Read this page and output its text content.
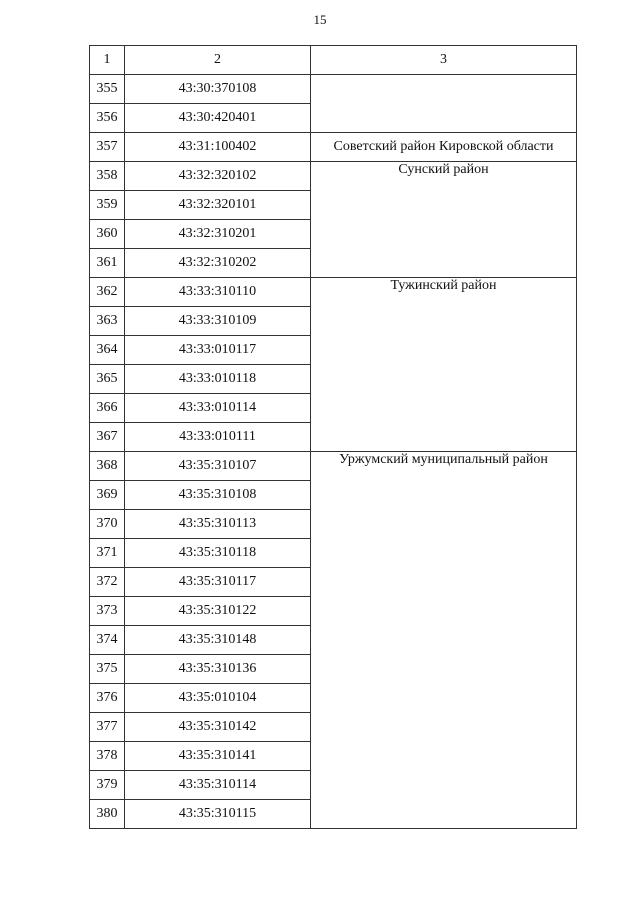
15
1	2	3
355	43:30:370108	
356	43:30:420401	
357	43:31:100402	Советский район Кировской области
358	43:32:320102	Сунский район
359	43:32:320101	
360	43:32:310201	
361	43:32:310202	
362	43:33:310110	Тужинский район
363	43:33:310109	
364	43:33:010117	
365	43:33:010118	
366	43:33:010114	
367	43:33:010111	
368	43:35:310107	Уржумский муниципальный район
369	43:35:310108	
370	43:35:310113	
371	43:35:310118	
372	43:35:310117	
373	43:35:310122	
374	43:35:310148	
375	43:35:310136	
376	43:35:010104	
377	43:35:310142	
378	43:35:310141	
379	43:35:310114	
380	43:35:310115	
